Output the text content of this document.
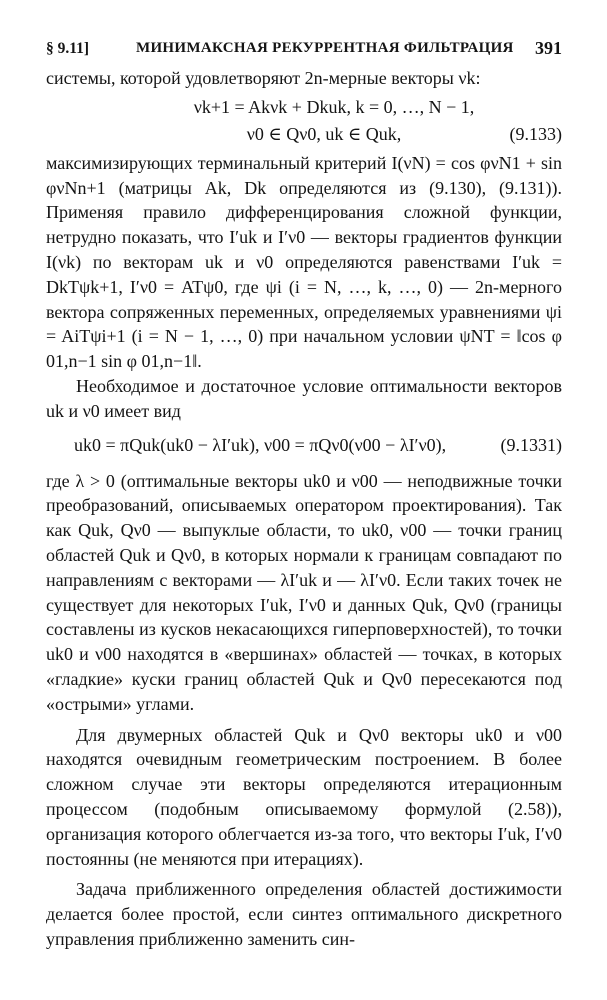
§ 9.11]	МИНИМАКСНАЯ РЕКУРРЕНТНАЯ ФИЛЬТРАЦИЯ 391

системы, которой удовлетворяют 2n-мерные векторы νk:

νk+1 = Akνk + Dkuk, k = 0, …, N − 1,
ν0 ∈ Qν0, uk ∈ Quk,	(9.133)

максимизирующих терминальный критерий I(νN) = cos φνN1 + sin φνNn+1 (матрицы Ak, Dk определяются из (9.130), (9.131)). Применяя правило дифференцирования сложной функции, нетрудно показать, что I′uk и I′ν0 — векторы градиентов функции I(νk) по векторам uk и ν0 определяются равенствами I′uk = DkTψk+1, I′ν0 = ATψ0, где ψi (i = N, …, k, …, 0) — 2n-мерного вектора сопряженных переменных, определяемых уравнениями ψi = AiTψi+1 (i = N − 1, …, 0) при начальном условии ψNT = ‖cos φ 01,n−1 sin φ 01,n−1‖.

Необходимое и достаточное условие оптимальности векторов uk и ν0 имеет вид

uk0 = πQuk(uk0 − λI′uk), ν00 = πQν0(ν00 − λI′ν0),	(9.1331)

где λ > 0 (оптимальные векторы uk0 и ν00 — неподвижные точки преобразований, описываемых оператором проектирования). Так как Quk, Qν0 — выпуклые области, то uk0, ν00 — точки границ областей Quk и Qν0, в которых нормали к границам совпадают по направлениям с векторами — λI′uk и — λI′ν0. Если таких точек не существует для некоторых I′uk, I′ν0 и данных Quk, Qν0 (границы составлены из кусков некасающихся гиперповерхностей), то точки uk0 и ν00 находятся в «вершинах» областей — точках, в которых «гладкие» куски границ областей Quk и Qν0 пересекаются под «острыми» углами.

Для двумерных областей Quk и Qν0 векторы uk0 и ν00 находятся очевидным геометрическим построением. В более сложном случае эти векторы определяются итерационным процессом (подобным описываемому формулой (2.58)), организация которого облегчается из-за того, что векторы I′uk, I′ν0 постоянны (не меняются при итерациях).

Задача приближенного определения областей достижимости делается более простой, если синтез оптимального дискретного управления приближенно заменить син-
